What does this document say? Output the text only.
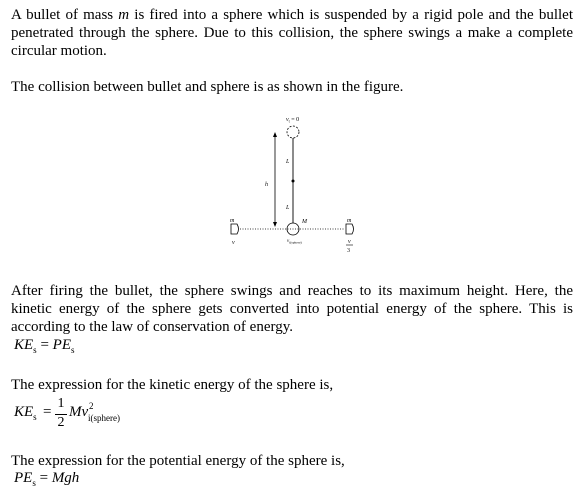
A bullet of mass m is fired into a sphere which is suspended by a rigid pole and the bullet penetrated through the sphere. Due to this collision, the sphere swings a make a complete circular motion.

The collision between bullet and sphere is as shown in the figure.

$v_t = 0$
L
h
L
M
m	m
v	$v_{i(sphere)}$	v
3

After firing the bullet, the sphere swings and reaches to its maximum height. Here, the kinetic energy of the sphere gets converted into potential energy of the sphere. This is according to the law of conservation of energy.

$KE_s = PE_s$

The expression for the kinetic energy of the sphere is,

$KE_s$ =
1
2
Mv 2
i(sphere)

The expression for the potential energy of the sphere is,

$PE_s$ = Mgh
